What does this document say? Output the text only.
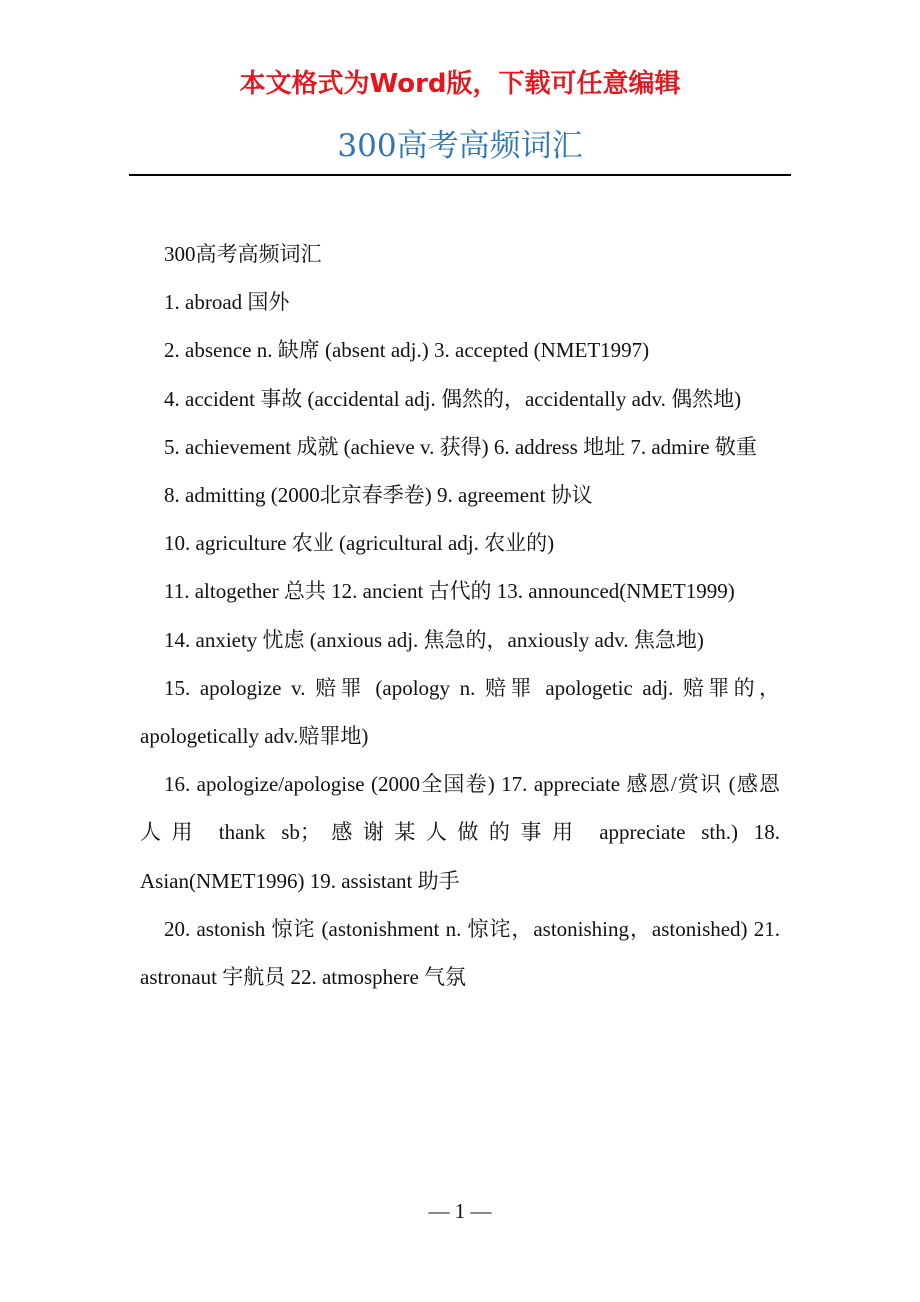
本文格式为Word版，下载可任意编辑
300高考高频词汇

300高考高频词汇

1. abroad 国外

2. absence n. 缺席 (absent adj.) 3. accepted (NMET1997)

4. accident 事故 (accidental adj. 偶然的，accidentally adv. 偶然地)

5. achievement 成就 (achieve v. 获得) 6. address 地址 7. admire 敬重

8. admitting (2000北京春季卷) 9. agreement 协议

10. agriculture 农业 (agricultural adj. 农业的)

11. altogether 总共 12. ancient 古代的 13. announced(NMET1999)

14. anxiety 忧虑 (anxious adj. 焦急的，anxiously adv. 焦急地)

15. apologize v. 赔罪 (apology n. 赔罪 apologetic adj. 赔罪的，apologetically adv.赔罪地)

16. apologize/apologise (2000全国卷) 17. appreciate 感恩/赏识 (感恩人用 thank sb；感谢某人做的事用 appreciate sth.) 18. Asian(NMET1996) 19. assistant 助手

20. astonish 惊诧 (astonishment n. 惊诧，astonishing，astonished) 21. astronaut 宇航员 22. atmosphere 气氛

— 1 —
